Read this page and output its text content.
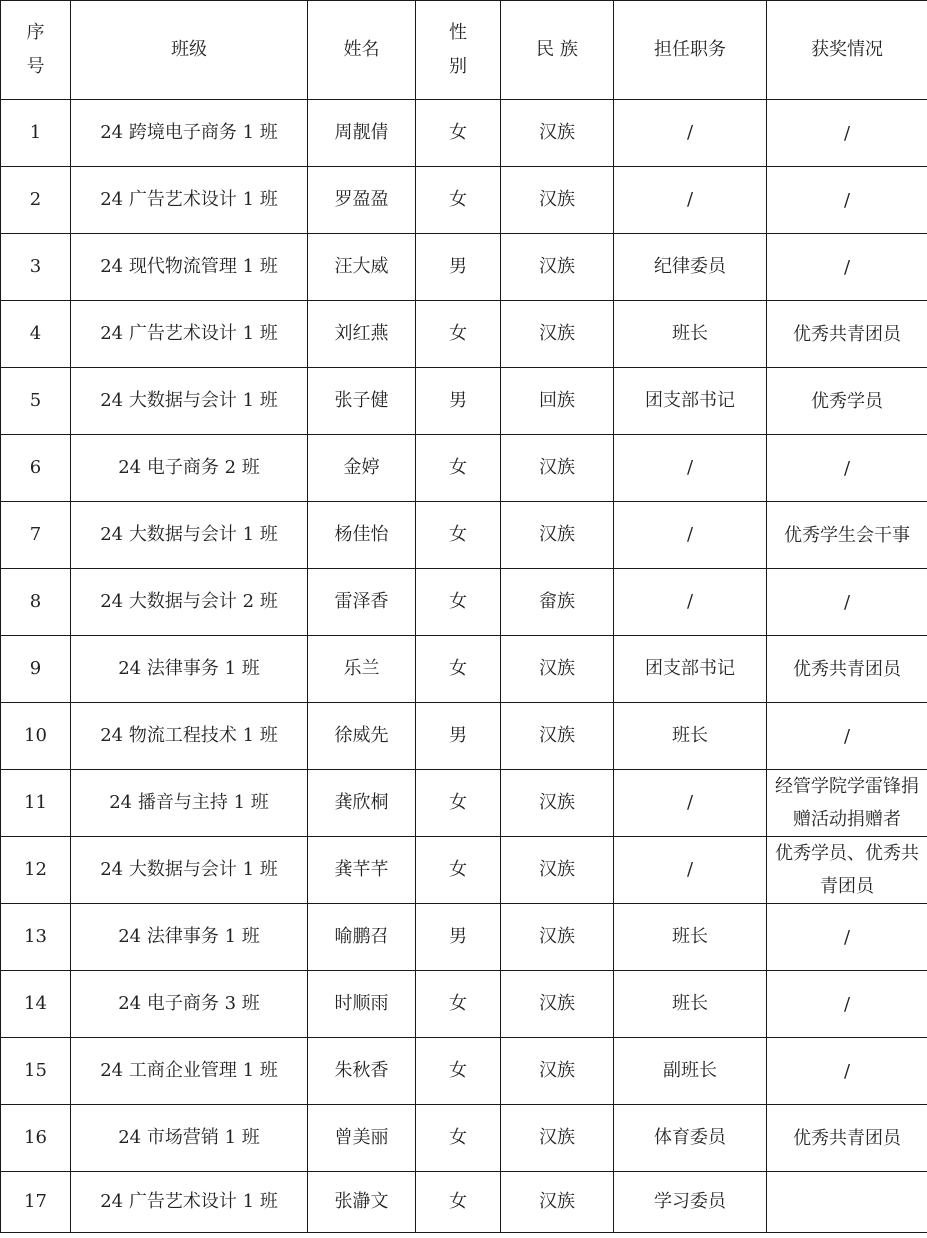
序号	班级	姓名	性别	民 族	担任职务	获奖情况
1	24 跨境电子商务 1 班	周靓倩	女	汉族	/	/
2	24 广告艺术设计 1 班	罗盈盈	女	汉族	/	/
3	24 现代物流管理 1 班	汪大威	男	汉族	纪律委员	/
4	24 广告艺术设计 1 班	刘红燕	女	汉族	班长	优秀共青团员
5	24 大数据与会计 1 班	张子健	男	回族	团支部书记	优秀学员
6	24 电子商务 2 班	金婷	女	汉族	/	/
7	24 大数据与会计 1 班	杨佳怡	女	汉族	/	优秀学生会干事
8	24 大数据与会计 2 班	雷泽香	女	畲族	/	/
9	24 法律事务 1 班	乐兰	女	汉族	团支部书记	优秀共青团员
10	24 物流工程技术 1 班	徐威先	男	汉族	班长	/
11	24 播音与主持 1 班	龚欣桐	女	汉族	/	经管学院学雷锋捐赠活动捐赠者
12	24 大数据与会计 1 班	龚芊芊	女	汉族	/	优秀学员、优秀共青团员
13	24 法律事务 1 班	喻鹏召	男	汉族	班长	/
14	24 电子商务 3 班	时顺雨	女	汉族	班长	/
15	24 工商企业管理 1 班	朱秋香	女	汉族	副班长	/
16	24 市场营销 1 班	曾美丽	女	汉族	体育委员	优秀共青团员
17	24 广告艺术设计 1 班	张瀞文	女	汉族	学习委员	
